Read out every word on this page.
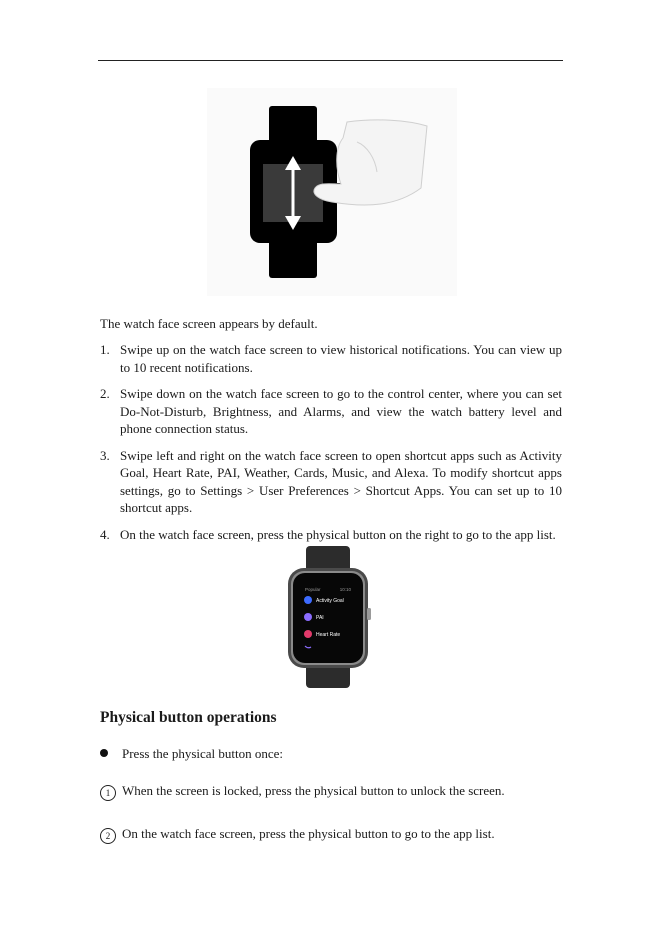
The watch face screen appears by default.
1. Swipe up on the watch face screen to view historical notifications. You can view up to 10 recent notifications.
2. Swipe down on the watch face screen to go to the control center, where you can set Do-Not-Disturb, Brightness, and Alarms, and view the watch battery level and phone connection status.
3. Swipe left and right on the watch face screen to open shortcut apps such as Activity Goal, Heart Rate, PAI, Weather, Cards, Music, and Alexa. To modify shortcut apps settings, go to Settings > User Preferences > Shortcut Apps. You can set up to 10 shortcut apps.
4. On the watch face screen, press the physical button on the right to go to the app list.
Popular	10:10
Activity Goal
PAI
Heart Rate
Physical button operations
Press the physical button once:
1 When the screen is locked, press the physical button to unlock the screen.
2 On the watch face screen, press the physical button to go to the app list.
